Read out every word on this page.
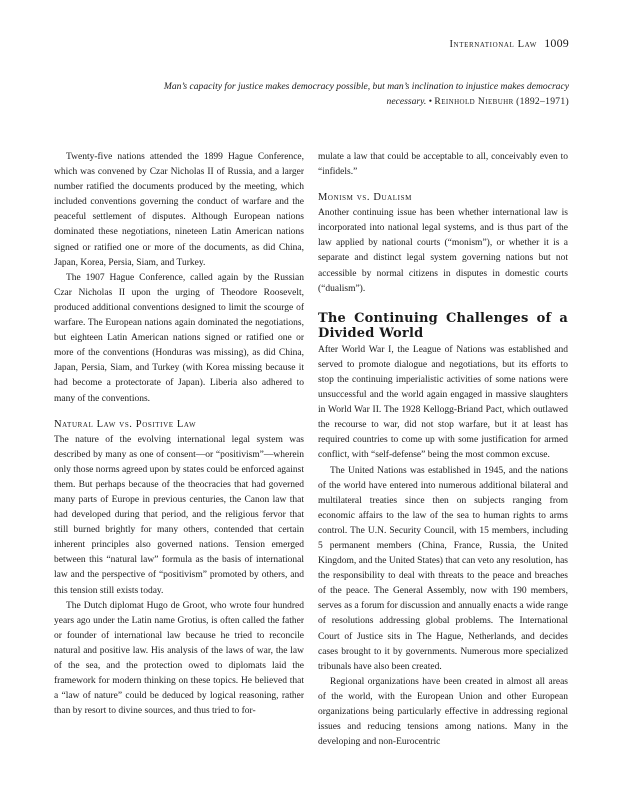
International Law 1009
Man’s capacity for justice makes democracy possible, but man’s inclination to injustice makes democracy necessary. • Reinhold Niebuhr (1892–1971)

Twenty-five nations attended the 1899 Hague Conference, which was convened by Czar Nicholas II of Russia, and a larger number ratified the documents produced by the meeting, which included conventions governing the conduct of warfare and the peaceful settlement of disputes. Although European nations dominated these negotiations, nineteen Latin American nations signed or ratified one or more of the documents, as did China, Japan, Korea, Persia, Siam, and Turkey.

The 1907 Hague Conference, called again by the Russian Czar Nicholas II upon the urging of Theodore Roosevelt, produced additional conventions designed to limit the scourge of warfare. The European nations again dominated the negotiations, but eighteen Latin American nations signed or ratified one or more of the conventions (Honduras was missing), as did China, Japan, Persia, Siam, and Turkey (with Korea missing because it had become a protectorate of Japan). Liberia also adhered to many of the conventions.

Natural Law vs. Positive Law

The nature of the evolving international legal system was described by many as one of consent—or “positivism”—wherein only those norms agreed upon by states could be enforced against them. But perhaps because of the theocracies that had governed many parts of Europe in previous centuries, the Canon law that had developed during that period, and the religious fervor that still burned brightly for many others, contended that certain inherent principles also governed nations. Tension emerged between this “natural law” formula as the basis of international law and the perspective of “positivism” promoted by others, and this tension still exists today.

The Dutch diplomat Hugo de Groot, who wrote four hundred years ago under the Latin name Grotius, is often called the father or founder of international law because he tried to reconcile natural and positive law. His analysis of the laws of war, the law of the sea, and the protection owed to diplomats laid the framework for modern thinking on these topics. He believed that a “law of nature” could be deduced by logical reasoning, rather than by resort to divine sources, and thus tried to for-

mulate a law that could be acceptable to all, conceivably even to “infidels.”

Monism vs. Dualism

Another continuing issue has been whether international law is incorporated into national legal systems, and is thus part of the law applied by national courts (“monism”), or whether it is a separate and distinct legal system governing nations but not accessible by normal citizens in disputes in domestic courts (“dualism”).

The Continuing Challenges of a Divided World

After World War I, the League of Nations was established and served to promote dialogue and negotiations, but its efforts to stop the continuing imperialistic activities of some nations were unsuccessful and the world again engaged in massive slaughters in World War II. The 1928 Kellogg-Briand Pact, which outlawed the recourse to war, did not stop warfare, but it at least has required countries to come up with some justification for armed conflict, with “self-defense” being the most common excuse.

The United Nations was established in 1945, and the nations of the world have entered into numerous additional bilateral and multilateral treaties since then on subjects ranging from economic affairs to the law of the sea to human rights to arms control. The U.N. Security Council, with 15 members, including 5 permanent members (China, France, Russia, the United Kingdom, and the United States) that can veto any resolution, has the responsibility to deal with threats to the peace and breaches of the peace. The General Assembly, now with 190 members, serves as a forum for discussion and annually enacts a wide range of resolutions addressing global problems. The International Court of Justice sits in The Hague, Netherlands, and decides cases brought to it by governments. Numerous more specialized tribunals have also been created.

Regional organizations have been created in almost all areas of the world, with the European Union and other European organizations being particularly effective in addressing regional issues and reducing tensions among nations. Many in the developing and non-Eurocentric
